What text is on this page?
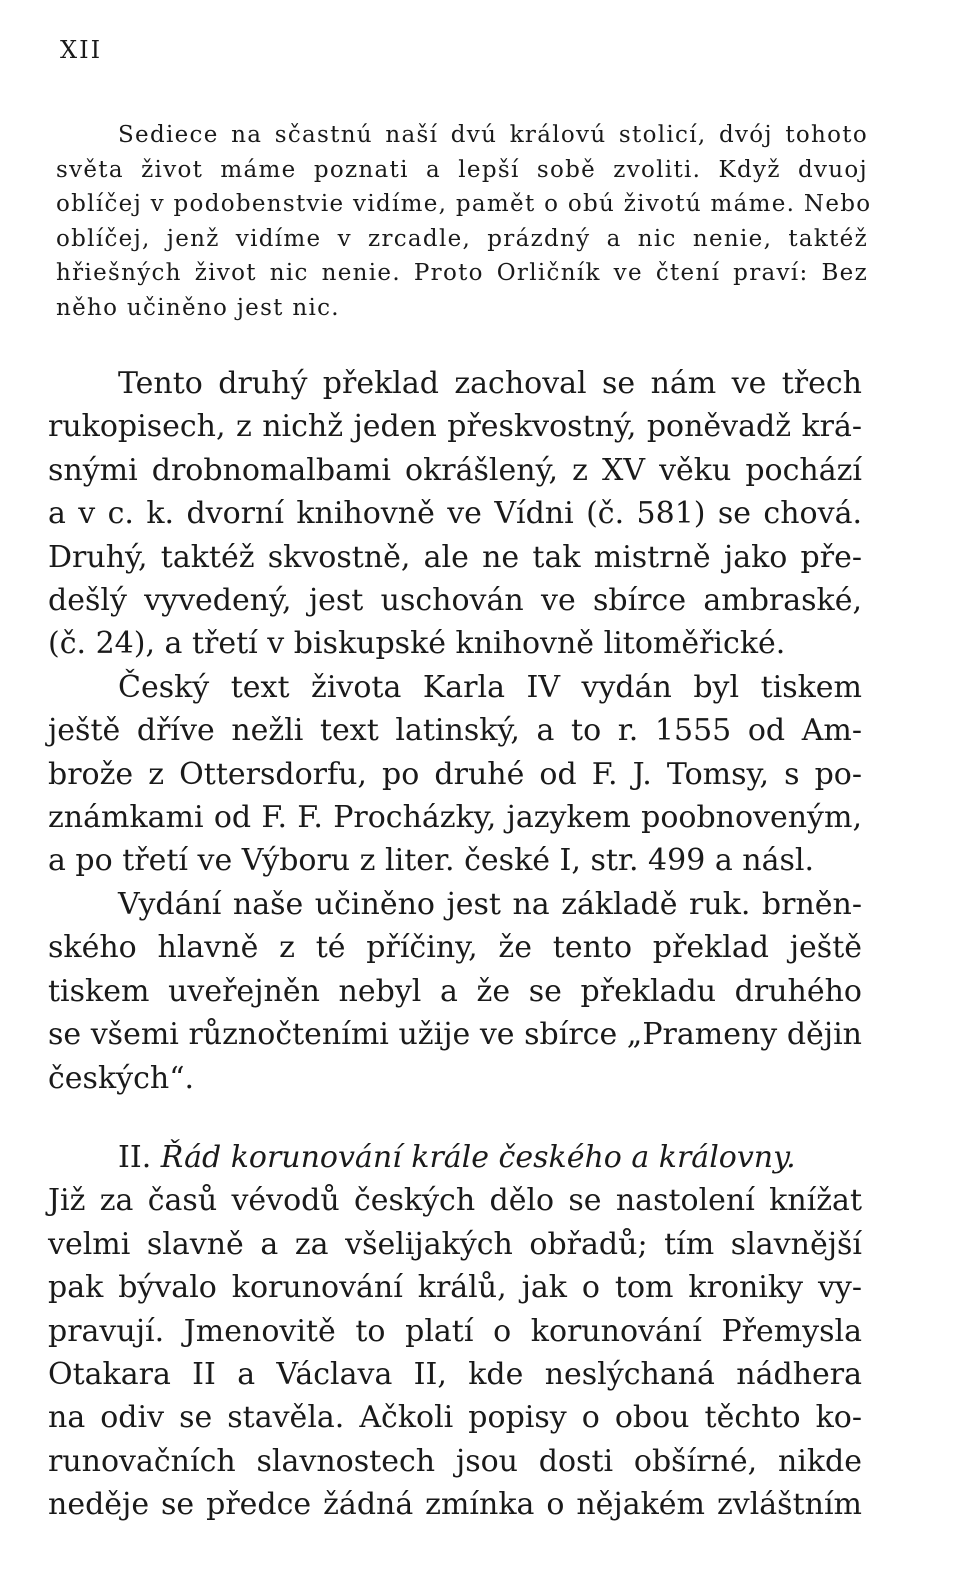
XII
Sediece na sčastnú naší dvú královú stolicí, dvój tohoto
světa život máme poznati a lepší sobě zvoliti. Když dvuoj
oblíčej v podobenstvie vidíme, pamět o obú životú máme. Nebo
oblíčej, jenž vidíme v zrcadle, prázdný a nic nenie, taktéž
hřiešných život nic nenie. Proto Orličník ve čtení praví: Bez
něho učiněno jest nic.
Tento druhý překlad zachoval se nám ve třech
rukopisech, z nichž jeden přeskvostný, poněvadž krá-
snými drobnomalbami okrášlený, z XV věku pochází
a v c. k. dvorní knihovně ve Vídni (č. 581) se chová.
Druhý, taktéž skvostně, ale ne tak mistrně jako pře-
dešlý vyvedený, jest uschován ve sbírce ambraské,
(č. 24), a třetí v biskupské knihovně litoměřické.
Český text života Karla IV vydán byl tiskem
ještě dříve nežli text latinský, a to r. 1555 od Am-
brože z Ottersdorfu, po druhé od F. J. Tomsy, s po-
známkami od F. F. Procházky, jazykem poobnoveným,
a po třetí ve Výboru z liter. české I, str. 499 a násl.
Vydání naše učiněno jest na základě ruk. brněn-
ského hlavně z té příčiny, že tento překlad ještě
tiskem uveřejněn nebyl a že se překladu druhého
se všemi různočteními užije ve sbírce „Prameny dějin
českých“.
II. Řád korunování krále českého a královny.
Již za časů vévodů českých dělo se nastolení knížat
velmi slavně a za všelijakých obřadů; tím slavnější
pak bývalo korunování králů, jak o tom kroniky vy-
pravují. Jmenovitě to platí o korunování Přemysla
Otakara II a Václava II, kde neslýchaná nádhera
na odiv se stavěla. Ačkoli popisy o obou těchto ko-
runovačních slavnostech jsou dosti obšírné, nikde
neděje se předce žádná zmínka o nějakém zvláštním
